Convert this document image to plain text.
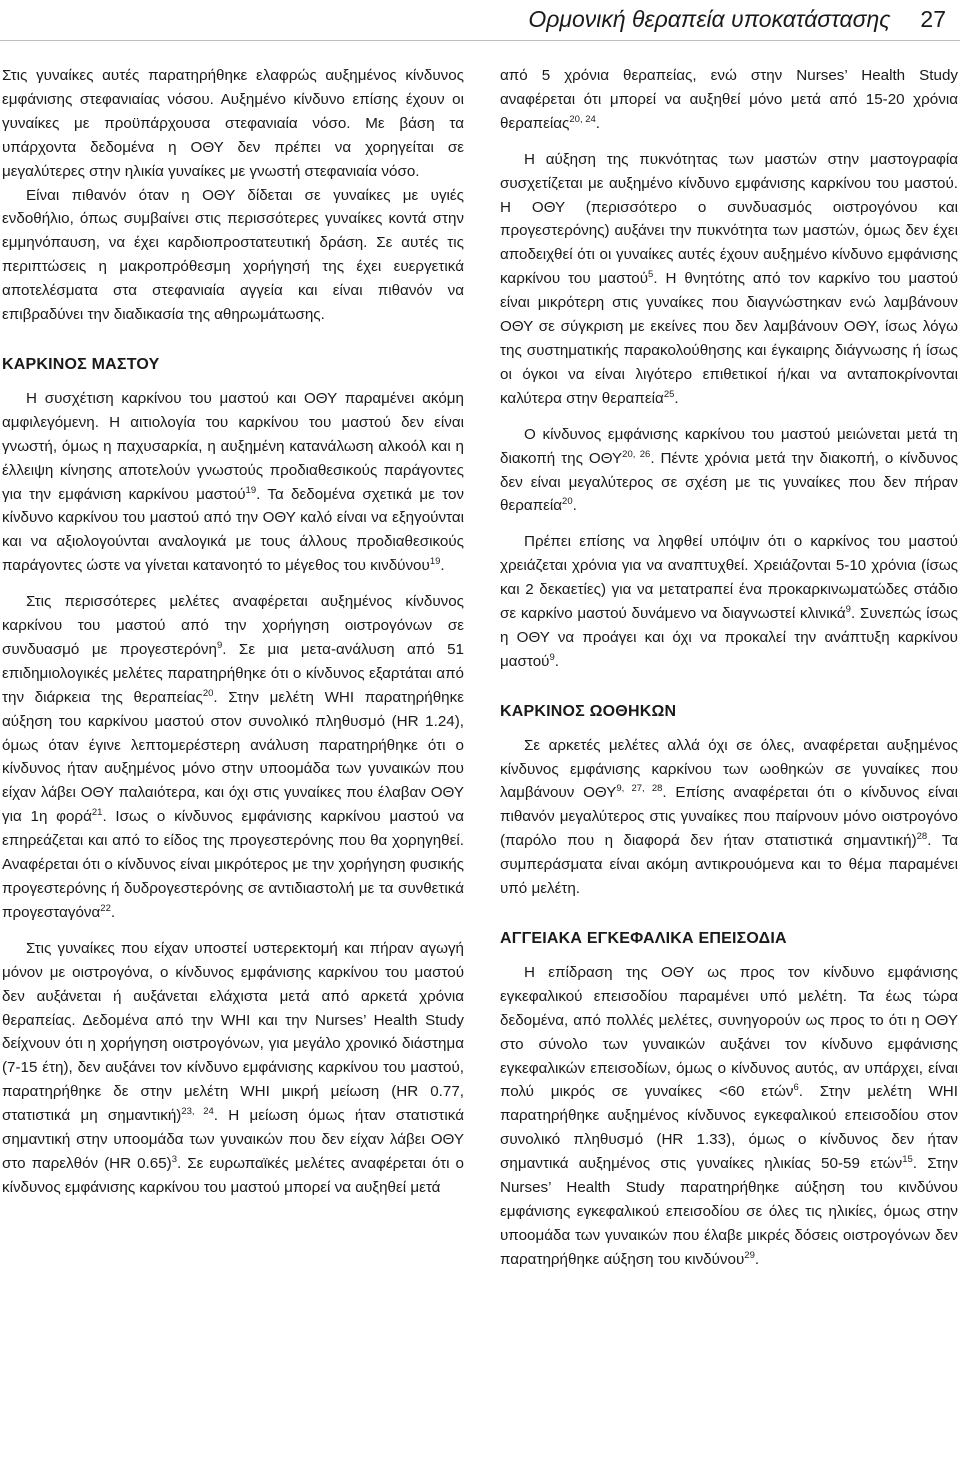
Ορμονική θεραπεία υποκατάστασης 27

Στις γυναίκες αυτές παρατηρήθηκε ελαφρώς αυξημένος κίνδυνος εμφάνισης στεφανιαίας νόσου. Αυξημένο κίνδυνο επίσης έχουν οι γυναίκες με προϋπάρχουσα στεφανιαία νόσο. Με βάση τα υπάρχοντα δεδομένα η ΟΘΥ δεν πρέπει να χορηγείται σε μεγαλύτερες στην ηλικία γυναίκες με γνωστή στεφανιαία νόσο.

Είναι πιθανόν όταν η ΟΘΥ δίδεται σε γυναίκες με υγιές ενδοθήλιο, όπως συμβαίνει στις περισσότερες γυναίκες κοντά στην εμμηνόπαυση, να έχει καρδιοπροστατευτική δράση. Σε αυτές τις περιπτώσεις η μακροπρόθεσμη χορήγησή της έχει ευεργετικά αποτελέσματα στα στεφανιαία αγγεία και είναι πιθανόν να επιβραδύνει την διαδικασία της αθηρωμάτωσης.

ΚΑΡΚΙΝΟΣ ΜΑΣΤΟΥ

Η συσχέτιση καρκίνου του μαστού και ΟΘΥ παραμένει ακόμη αμφιλεγόμενη. Η αιτιολογία του καρκίνου του μαστού δεν είναι γνωστή, όμως η παχυσαρκία, η αυξημένη κατανάλωση αλκοόλ και η έλλειψη κίνησης αποτελούν γνωστούς προδιαθεσικούς παράγοντες για την εμφάνιση καρκίνου μαστού$^{19}$. Τα δεδομένα σχετικά με τον κίνδυνο καρκίνου του μαστού από την ΟΘΥ καλό είναι να εξηγούνται και να αξιολογούνται αναλογικά με τους άλλους προδιαθεσικούς παράγοντες ώστε να γίνεται κατανοητό το μέγεθος του κινδύνου$^{19}$.

Στις περισσότερες μελέτες αναφέρεται αυξημένος κίνδυνος καρκίνου του μαστού από την χορήγηση οιστρογόνων σε συνδυασμό με προγεστερόνη$^9$. Σε μια μετα-ανάλυση από 51 επιδημιολογικές μελέτες παρατηρήθηκε ότι ο κίνδυνος εξαρτάται από την διάρκεια της θεραπείας$^{20}$. Στην μελέτη WHI παρατηρήθηκε αύξηση του καρκίνου μαστού στον συνολικό πληθυσμό (HR 1.24), όμως όταν έγινε λεπτομερέστερη ανάλυση παρατηρήθηκε ότι ο κίνδυνος ήταν αυξημένος μόνο στην υποομάδα των γυναικών που είχαν λάβει ΟΘΥ παλαιότερα, και όχι στις γυναίκες που έλαβαν ΟΘΥ για 1η φορά$^{21}$. Ισως ο κίνδυνος εμφάνισης καρκίνου μαστού να επηρεάζεται και από το είδος της προγεστερόνης που θα χορηγηθεί. Αναφέρεται ότι ο κίνδυνος είναι μικρότερος με την χορήγηση φυσικής προγεστερόνης ή δυδρογεστερόνης σε αντιδιαστολή με τα συνθετικά προγεσταγόνα$^{22}$.

Στις γυναίκες που είχαν υποστεί υστερεκτομή και πήραν αγωγή μόνον με οιστρογόνα, ο κίνδυνος εμφάνισης καρκίνου του μαστού δεν αυξάνεται ή αυξάνεται ελάχιστα μετά από αρκετά χρόνια θεραπείας. Δεδομένα από την WHI και την Nurses’ Health Study δείχνουν ότι η χορήγηση οιστρογόνων, για μεγάλο χρονικό διάστημα (7-15 έτη), δεν αυξάνει τον κίνδυνο εμφάνισης καρκίνου του μαστού, παρατηρήθηκε δε στην μελέτη WHI μικρή μείωση (HR 0.77, στατιστικά μη σημαντική)$^{23, 24}$. Η μείωση όμως ήταν στατιστικά σημαντική στην υποομάδα των γυναικών που δεν είχαν λάβει ΟΘΥ στο παρελθόν (HR 0.65)$^3$. Σε ευρωπαϊκές μελέτες αναφέρεται ότι ο κίνδυνος εμφάνισης καρκίνου του μαστού μπορεί να αυξηθεί μετά

από 5 χρόνια θεραπείας, ενώ στην Nurses’ Health Study αναφέρεται ότι μπορεί να αυξηθεί μόνο μετά από 15-20 χρόνια θεραπείας$^{20, 24}$.

Η αύξηση της πυκνότητας των μαστών στην μαστογραφία συσχετίζεται με αυξημένο κίνδυνο εμφάνισης καρκίνου του μαστού. Η ΟΘΥ (περισσότερο ο συνδυασμός οιστρογόνου και προγεστερόνης) αυξάνει την πυκνότητα των μαστών, όμως δεν έχει αποδειχθεί ότι οι γυναίκες αυτές έχουν αυξημένο κίνδυνο εμφάνισης καρκίνου του μαστού$^5$. Η θνητότης από τον καρκίνο του μαστού είναι μικρότερη στις γυναίκες που διαγνώστηκαν ενώ λαμβάνουν ΟΘΥ σε σύγκριση με εκείνες που δεν λαμβάνουν ΟΘΥ, ίσως λόγω της συστηματικής παρακολούθησης και έγκαιρης διάγνωσης ή ίσως οι όγκοι να είναι λιγότερο επιθετικοί ή/και να ανταποκρίνονται καλύτερα στην θεραπεία$^{25}$.

Ο κίνδυνος εμφάνισης καρκίνου του μαστού μειώνεται μετά τη διακοπή της ΟΘΥ$^{20, 26}$. Πέντε χρόνια μετά την διακοπή, ο κίνδυνος δεν είναι μεγαλύτερος σε σχέση με τις γυναίκες που δεν πήραν θεραπεία$^{20}$.

Πρέπει επίσης να ληφθεί υπόψιν ότι ο καρκίνος του μαστού χρειάζεται χρόνια για να αναπτυχθεί. Χρειάζονται 5-10 χρόνια (ίσως και 2 δεκαετίες) για να μετατραπεί ένα προκαρκινωματώδες στάδιο σε καρκίνο μαστού δυνάμενο να διαγνωστεί κλινικά$^9$. Συνεπώς ίσως η ΟΘΥ να προάγει και όχι να προκαλεί την ανάπτυξη καρκίνου μαστού$^9$.

ΚΑΡΚΙΝΟΣ ΩΟΘΗΚΩΝ

Σε αρκετές μελέτες αλλά όχι σε όλες, αναφέρεται αυξημένος κίνδυνος εμφάνισης καρκίνου των ωοθηκών σε γυναίκες που λαμβάνουν ΟΘΥ$^{9, 27, 28}$. Επίσης αναφέρεται ότι ο κίνδυνος είναι πιθανόν μεγαλύτερος στις γυναίκες που παίρνουν μόνο οιστρογόνο (παρόλο που η διαφορά δεν ήταν στατιστικά σημαντική)$^{28}$. Τα συμπεράσματα είναι ακόμη αντικρουόμενα και το θέμα παραμένει υπό μελέτη.

ΑΓΓΕΙΑΚΑ ΕΓΚΕΦΑΛΙΚΑ ΕΠΕΙΣΟΔΙΑ

Η επίδραση της ΟΘΥ ως προς τον κίνδυνο εμφάνισης εγκεφαλικού επεισοδίου παραμένει υπό μελέτη. Τα έως τώρα δεδομένα, από πολλές μελέτες, συνηγορούν ως προς το ότι η ΟΘΥ στο σύνολο των γυναικών αυξάνει τον κίνδυνο εμφάνισης εγκεφαλικών επεισοδίων, όμως ο κίνδυνος αυτός, αν υπάρχει, είναι πολύ μικρός σε γυναίκες <60 ετών$^6$. Στην μελέτη WHI παρατηρήθηκε αυξημένος κίνδυνος εγκεφαλικού επεισοδίου στον συνολικό πληθυσμό (HR 1.33), όμως ο κίνδυνος δεν ήταν σημαντικά αυξημένος στις γυναίκες ηλικίας 50-59 ετών$^{15}$. Στην Nurses’ Health Study παρατηρήθηκε αύξηση του κινδύνου εμφάνισης εγκεφαλικού επεισοδίου σε όλες τις ηλικίες, όμως στην υποομάδα των γυναικών που έλαβε μικρές δόσεις οιστρογόνων δεν παρατηρήθηκε αύξηση του κινδύνου$^{29}$.
